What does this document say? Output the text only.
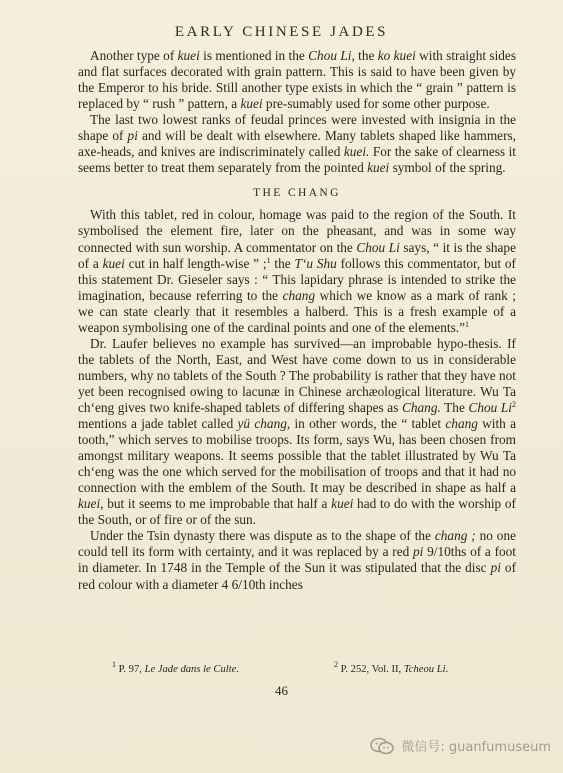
EARLY CHINESE JADES

Another type of kuei is mentioned in the Chou Li, the ko kuei with straight sides and flat surfaces decorated with grain pattern. This is said to have been given by the Emperor to his bride. Still another type exists in which the “ grain ” pattern is replaced by “ rush ” pattern, a kuei pre-sumably used for some other purpose.

The last two lowest ranks of feudal princes were invested with insignia in the shape of pi and will be dealt with elsewhere. Many tablets shaped like hammers, axe-heads, and knives are indiscriminately called kuei. For the sake of clearness it seems better to treat them separately from the pointed kuei symbol of the spring.

THE CHANG

With this tablet, red in colour, homage was paid to the region of the South. It symbolised the element fire, later on the pheasant, and was in some way connected with sun worship. A commentator on the Chou Li says, “ it is the shape of a kuei cut in half length-wise ” ;$^1$ the T‘u Shu follows this commentator, but of this statement Dr. Gieseler says : “ This lapidary phrase is intended to strike the imagination, because referring to the chang which we know as a mark of rank ; we can state clearly that it resembles a halberd. This is a fresh example of a weapon symbolising one of the cardinal points and one of the elements.”$^1$

Dr. Laufer believes no example has survived—an improbable hypo-thesis. If the tablets of the North, East, and West have come down to us in considerable numbers, why no tablets of the South ? The probability is rather that they have not yet been recognised owing to lacunæ in Chinese archæological literature. Wu Ta ch‘eng gives two knife-shaped tablets of differing shapes as Chang. The Chou Li$^2$ mentions a jade tablet called yü chang, in other words, the “ tablet chang with a tooth,” which serves to mobilise troops. Its form, says Wu, has been chosen from amongst military weapons. It seems possible that the tablet illustrated by Wu Ta ch‘eng was the one which served for the mobilisation of troops and that it had no connection with the emblem of the South. It may be described in shape as half a kuei, but it seems to me improbable that half a kuei had to do with the worship of the South, or of fire or of the sun.

Under the Tsin dynasty there was dispute as to the shape of the chang ; no one could tell its form with certainty, and it was replaced by a red pi 9/10ths of a foot in diameter. In 1748 in the Temple of the Sun it was stipulated that the disc pi of red colour with a diameter 4 6/10th inches

$^1$ P. 97, Le Jade dans le Culte.	$^2$ P. 252, Vol. II, Tcheou Li.
46
微信号: guanfumuseum
